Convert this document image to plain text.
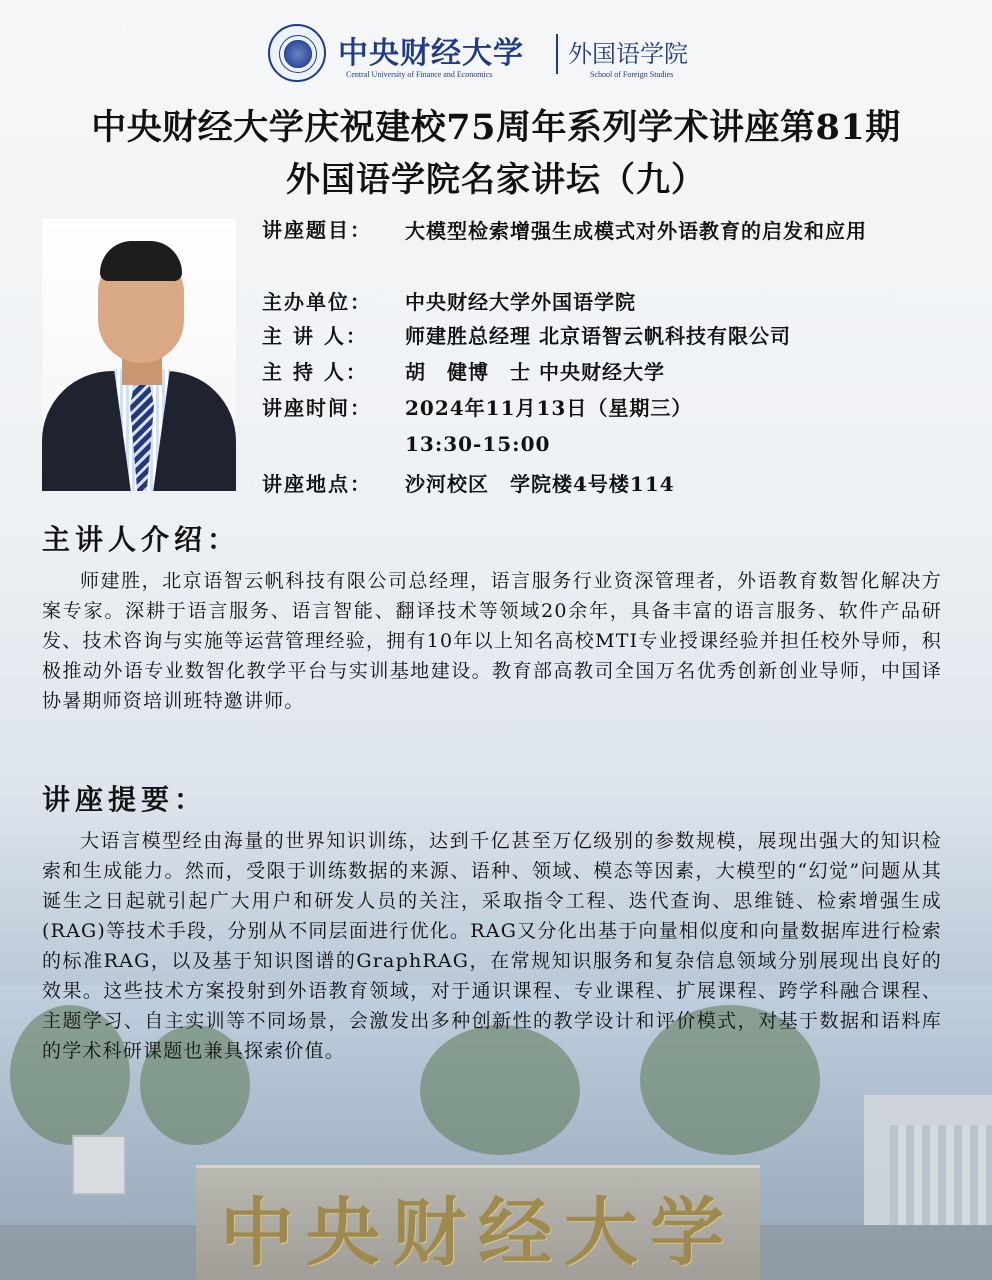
中央财经大学
Central University of Finance and Economics
外国语学院
School of Foreign Studies
中央财经大学庆祝建校75周年系列学术讲座第81期
外国语学院名家讲坛（九）
讲座题目： 大模型检索增强生成模式对外语教育的启发和应用
主办单位： 中央财经大学外国语学院
主 讲 人： 师建胜总经理 北京语智云帆科技有限公司
主 持 人： 胡　健博　士 中央财经大学
讲座时间： 2024年11月13日（星期三）
13:30-15:00
讲座地点： 沙河校区　学院楼4号楼114
中央财经大学
主讲人介绍：
师建胜，北京语智云帆科技有限公司总经理，语言服务行业资深管理者，外语教育数智化解决方案专家。深耕于语言服务、语言智能、翻译技术等领域20余年，具备丰富的语言服务、软件产品研发、技术咨询与实施等运营管理经验，拥有10年以上知名高校MTI专业授课经验并担任校外导师，积极推动外语专业数智化教学平台与实训基地建设。教育部高教司全国万名优秀创新创业导师，中国译协暑期师资培训班特邀讲师。
讲座提要：
大语言模型经由海量的世界知识训练，达到千亿甚至万亿级别的参数规模，展现出强大的知识检索和生成能力。然而，受限于训练数据的来源、语种、领域、模态等因素，大模型的“幻觉”问题从其诞生之日起就引起广大用户和研发人员的关注，采取指令工程、迭代查询、思维链、检索增强生成(RAG)等技术手段，分别从不同层面进行优化。RAG又分化出基于向量相似度和向量数据库进行检索的标准RAG，以及基于知识图谱的GraphRAG，在常规知识服务和复杂信息领域分别展现出良好的效果。这些技术方案投射到外语教育领域，对于通识课程、专业课程、扩展课程、跨学科融合课程、主题学习、自主实训等不同场景，会激发出多种创新性的教学设计和评价模式，对基于数据和语料库的学术科研课题也兼具探索价值。
